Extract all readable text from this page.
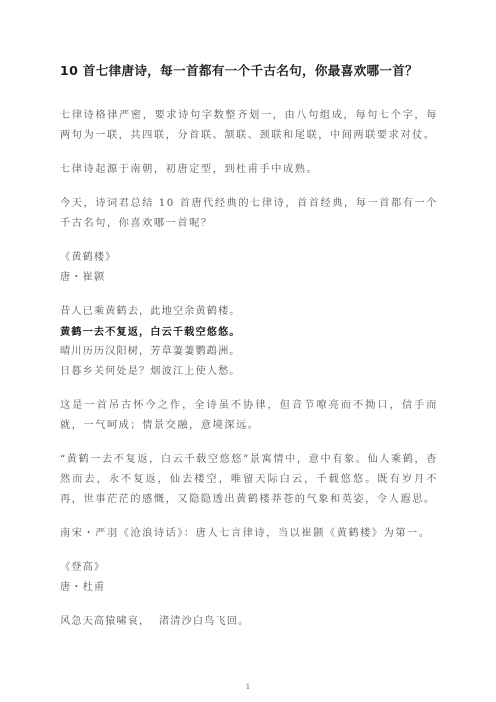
10 首七律唐诗，每一首都有一个千古名句，你最喜欢哪一首？

七律诗格律严密，要求诗句字数整齐划一，由八句组成，每句七个字，每两句为一联，共四联，分首联、颔联、颈联和尾联，中间两联要求对仗。

七律诗起源于南朝，初唐定型，到杜甫手中成熟。

今天，诗词君总结 10 首唐代经典的七律诗，首首经典，每一首都有一个千古名句，你喜欢哪一首呢？

《黄鹤楼》

唐・崔颢

昔人已乘黄鹤去，此地空余黄鹤楼。

黄鹤一去不复返，白云千载空悠悠。

晴川历历汉阳树，芳草萋萋鹦鹉洲。

日暮乡关何处是？烟波江上使人愁。

这是一首吊古怀今之作，全诗虽不协律，但音节嘹亮而不拗口，信手而就，一气呵成；情景交融，意境深远。

“黄鹤一去不复返，白云千载空悠悠”景寓情中，意中有象。仙人乘鹤，杳然而去，永不复返，仙去楼空，唯留天际白云，千载悠悠。既有岁月不再，世事茫茫的感慨，又隐隐透出黄鹤楼莽苍的气象和英姿，令人遐思。

南宋・严羽《沧浪诗话》：唐人七言律诗，当以崔颢《黄鹤楼》为第一。

《登高》

唐・杜甫

风急天高猿啸哀，  渚清沙白鸟飞回。

1
